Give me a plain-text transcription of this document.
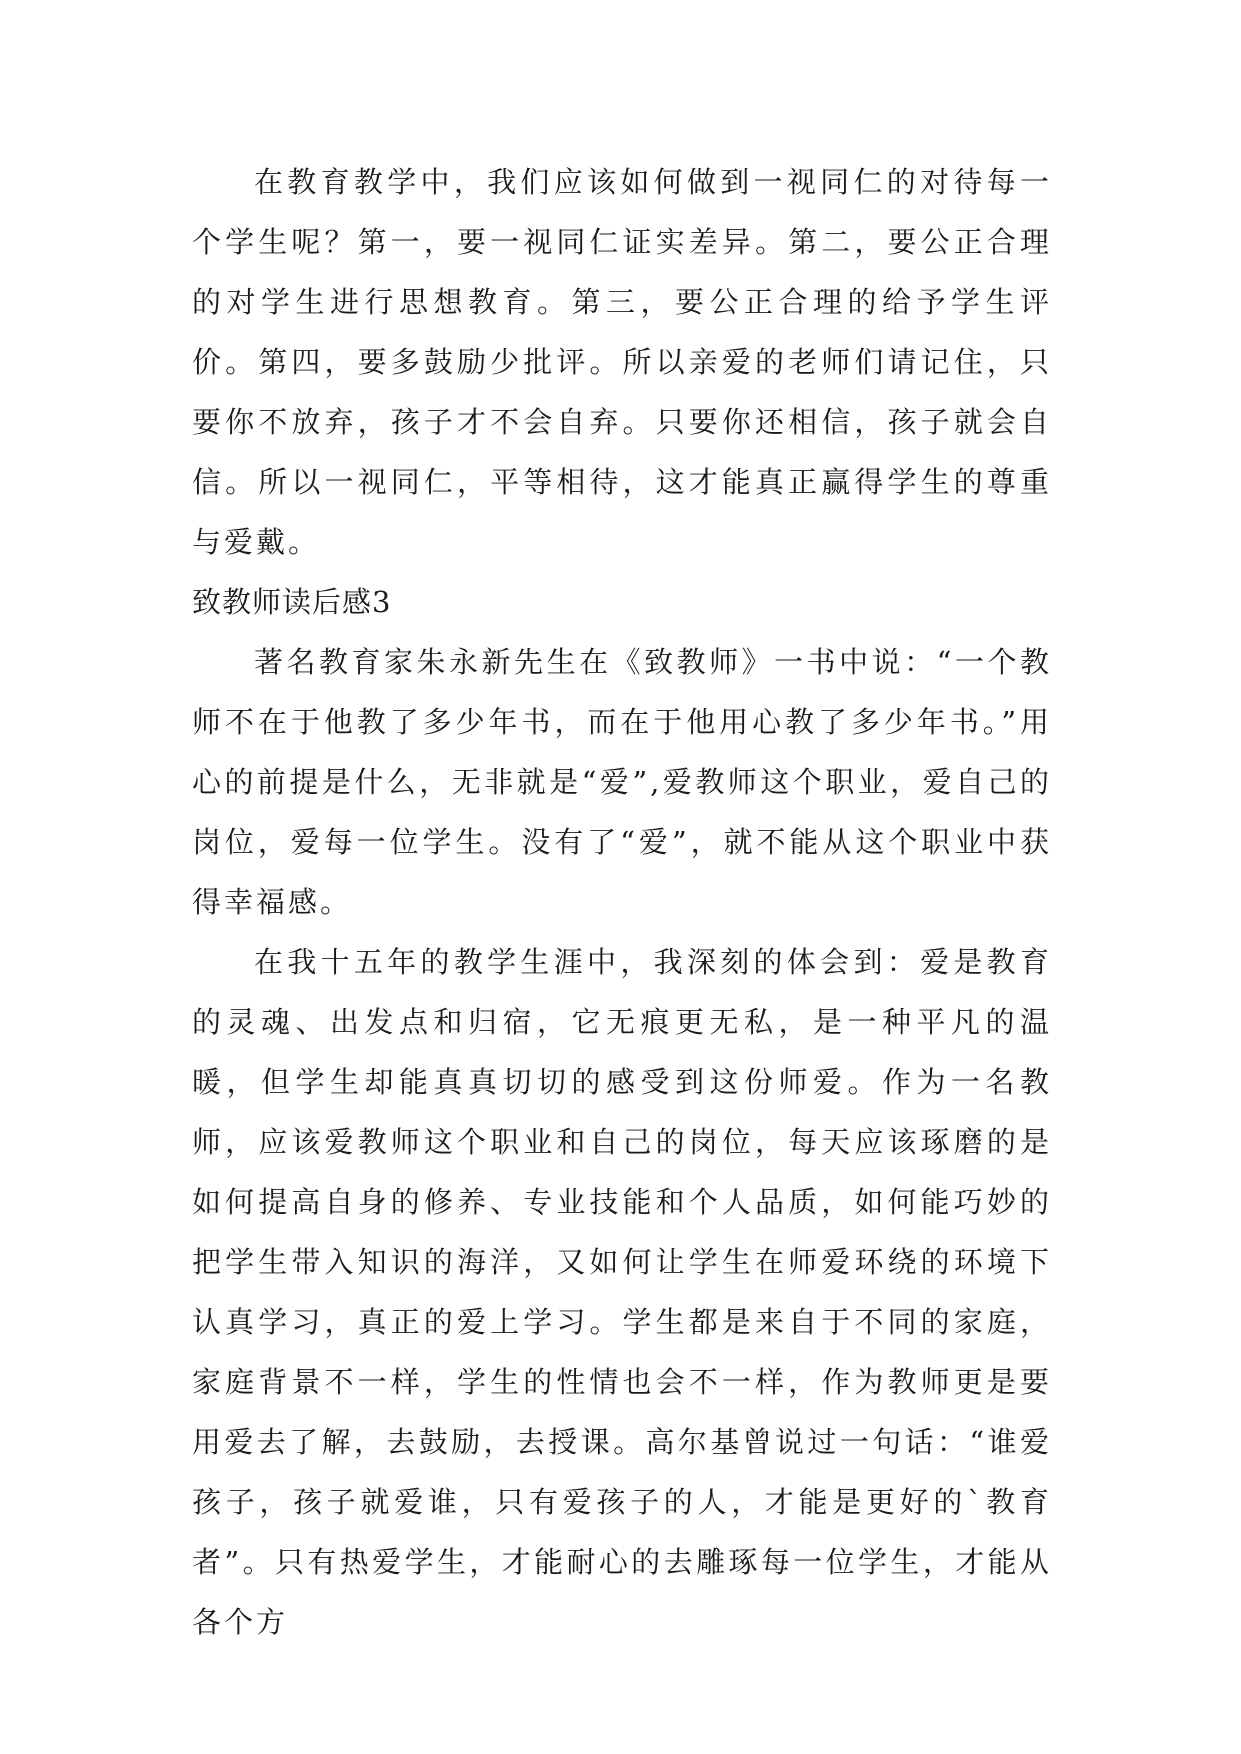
在教育教学中，我们应该如何做到一视同仁的对待每一个学生呢？第一，要一视同仁证实差异。第二，要公正合理的对学生进行思想教育。第三，要公正合理的给予学生评价。第四，要多鼓励少批评。所以亲爱的老师们请记住，只要你不放弃，孩子才不会自弃。只要你还相信，孩子就会自信。所以一视同仁，平等相待，这才能真正赢得学生的尊重与爱戴。

致教师读后感3

著名教育家朱永新先生在《致教师》一书中说：“一个教师不在于他教了多少年书，而在于他用心教了多少年书。”用心的前提是什么，无非就是“爱”,爱教师这个职业，爱自己的岗位，爱每一位学生。没有了“爱”，就不能从这个职业中获得幸福感。

在我十五年的教学生涯中，我深刻的体会到：爱是教育的灵魂、出发点和归宿，它无痕更无私，是一种平凡的温暖，但学生却能真真切切的感受到这份师爱。作为一名教师，应该爱教师这个职业和自己的岗位，每天应该琢磨的是如何提高自身的修养、专业技能和个人品质，如何能巧妙的把学生带入知识的海洋，又如何让学生在师爱环绕的环境下认真学习，真正的爱上学习。学生都是来自于不同的家庭，家庭背景不一样，学生的性情也会不一样，作为教师更是要用爱去了解，去鼓励，去授课。高尔基曾说过一句话：“谁爱孩子，孩子就爱谁，只有爱孩子的人，才能是更好的`教育者”。只有热爱学生，才能耐心的去雕琢每一位学生，才能从各个方
